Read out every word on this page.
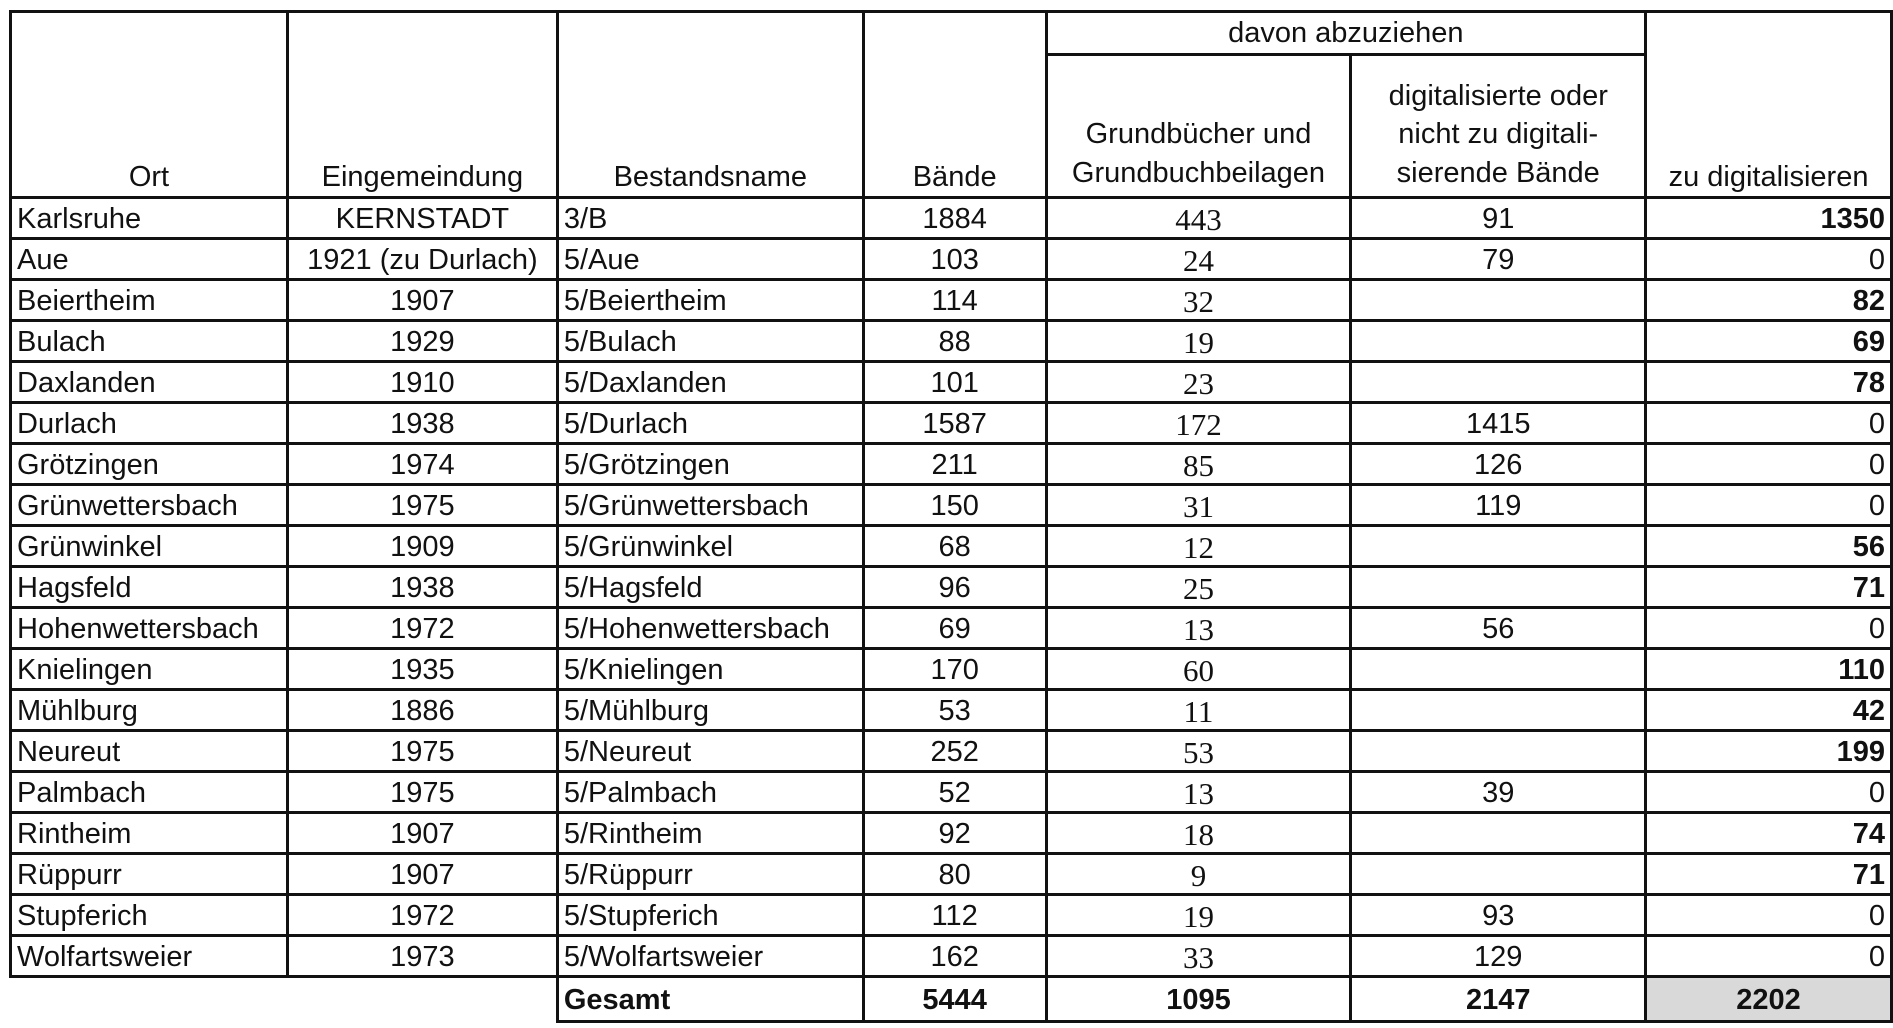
Ort	Eingemeindung	Bestandsname	Bände	davon abzuziehen		zu digitalisieren
				Grundbücher und Grundbuchbeilagen	digitalisierte oder nicht zu digitalisierende Bände	
Karlsruhe	KERNSTADT	3/B	1884	443	91	1350
Aue	1921 (zu Durlach)	5/Aue	103	24	79	0
Beiertheim	1907	5/Beiertheim	114	32		82
Bulach	1929	5/Bulach	88	19		69
Daxlanden	1910	5/Daxlanden	101	23		78
Durlach	1938	5/Durlach	1587	172	1415	0
Grötzingen	1974	5/Grötzingen	211	85	126	0
Grünwettersbach	1975	5/Grünwettersbach	150	31	119	0
Grünwinkel	1909	5/Grünwinkel	68	12		56
Hagsfeld	1938	5/Hagsfeld	96	25		71
Hohenwettersbach	1972	5/Hohenwettersbach	69	13	56	0
Knielingen	1935	5/Knielingen	170	60		110
Mühlburg	1886	5/Mühlburg	53	11		42
Neureut	1975	5/Neureut	252	53		199
Palmbach	1975	5/Palmbach	52	13	39	0
Rintheim	1907	5/Rintheim	92	18		74
Rüppurr	1907	5/Rüppurr	80	9		71
Stupferich	1972	5/Stupferich	112	19	93	0
Wolfartsweier	1973	5/Wolfartsweier	162	33	129	0
		Gesamt	5444	1095	2147	2202
